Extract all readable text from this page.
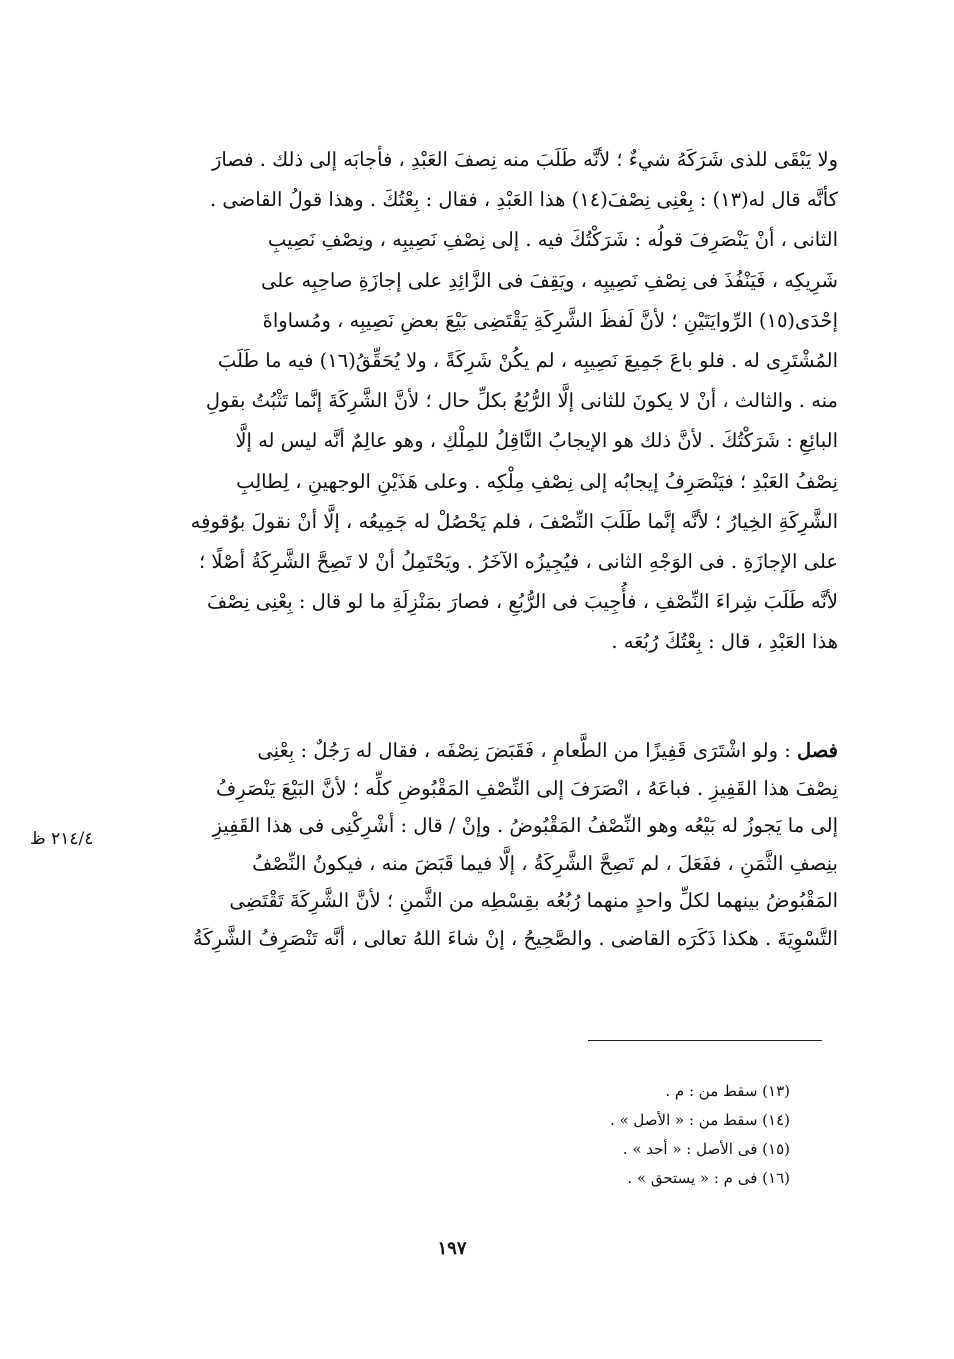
ولا يَبْقَى للذى شَرَكَهُ شيءٌ ؛ لأنَّه طَلَبَ منه نِصفَ العَبْدِ ، فأجابَه إلى ذلك . فصارَ
كأنَّه قال له(١٣) : بِعْنِى نِصْفَ(١٤) هذا العَبْدِ ، فقال : بِعْتُكَ . وهذا قولُ القاضى .
الثانى ، أنْ يَنْصَرِفَ قولُه : شَرَكْتُكَ فيه . إلى نِصْفِ نَصِيبِه ، ونِصْفِ نَصِيبِ
شَرِيكِه ، فَيَنْفُذَ فى نِصْفِ نَصِيبِه ، ويَقِفَ فى الزَّائِدِ على إجازَةِ صاحِبِه على
إحْدَى(١٥) الرِّوايَتَيْنِ ؛ لأنَّ لَفظَ الشَّرِكَةِ يَقْتَضِى بَيْعَ بعضِ نَصِيبِه ، ومُساواةَ
المُشْتَرِى له . فلو باعَ جَمِيعَ نَصِيبِه ، لم يكُنْ شَرِكَةً ، ولا يُحَقِّقُ(١٦) فيه ما طَلَبَ
منه . والثالث ، أنْ لا يكونَ للثانى إلَّا الرُّبُعُ بكلِّ حال ؛ لأنَّ الشَّرِكَةَ إنَّما تَثْبُتُ بقولِ
البائِعِ : شَرَكْتُكَ . لأنَّ ذلك هو الإيجابُ النَّاقِلُ للمِلْكِ ، وهو عالِمٌ أنَّه ليس له إلَّا
نِصْفُ العَبْدِ ؛ فيَنْصَرِفُ إيجابُه إلى نِصْفِ مِلْكِه . وعلى هَذَيْنِ الوجهينِ ، لِطالِبِ
الشَّرِكَةِ الخِيارُ ؛ لأنَّه إنَّما طَلَبَ النِّصْفَ ، فلم يَحْصُلْ له جَمِيعُه ، إلَّا أنْ نقولَ بوُقوفِه
على الإجازَةِ . فى الوَجْهِ الثانى ، فيُجِيزُه الآخَرُ . ويَحْتَمِلُ أنْ لا تَصِحَّ الشَّرِكَةُ أصْلًا ؛
لأنَّه طَلَبَ شِراءَ النِّصْفِ ، فأُجِيبَ فى الرُّبُعِ ، فصارَ بمَنْزِلَةِ ما لو قال : بِعْنِى نِصْفَ
هذا العَبْدِ ، قال : بِعْتُكَ رُبُعَه .
فصل : ولو اشْتَرَى قَفِيزًا من الطَّعامِ ، فَقَبَضَ نِصْفَه ، فقال له رَجُلٌ : بِعْنِى
نِصْفَ هذا القَفِيزِ . فباعَهُ ، انْصَرَفَ إلى النِّصْفِ المَقْبُوضِ كلِّه ؛ لأنَّ البَيْعَ يَنْصَرِفُ
إلى ما يَجوزُ له بَيْعُه وهو النِّصْفُ المَقْبُوضُ . وإنْ / قال : أشْرِكْنِى فى هذا القَفِيزِ
بنِصفِ الثَّمَنِ ، ففَعَلَ ، لم تَصِحَّ الشَّرِكَةُ ، إلَّا فيما قَبَضَ منه ، فيكونُ النِّصْفُ
المَقْبُوضُ بينهما لكلِّ واحدٍ منهما رُبُعُه بقِسْطِه من الثَّمنِ ؛ لأنَّ الشَّرِكَةَ تَقْتَضِى
التَّسْوِيَةَ . هكذا ذَكَرَه القاضى . والصَّحِيحُ ، إنْ شاءَ اللهُ تعالى ، أنَّه تَنْصَرِفُ الشَّرِكَةُ
٢١٤/٤ ظ
(١٣) سقط من : م .
(١٤) سقط من : « الأصل » .
(١٥) فى الأصل : « أحد » .
(١٦) فى م : « يستحق » .
١٩٧
